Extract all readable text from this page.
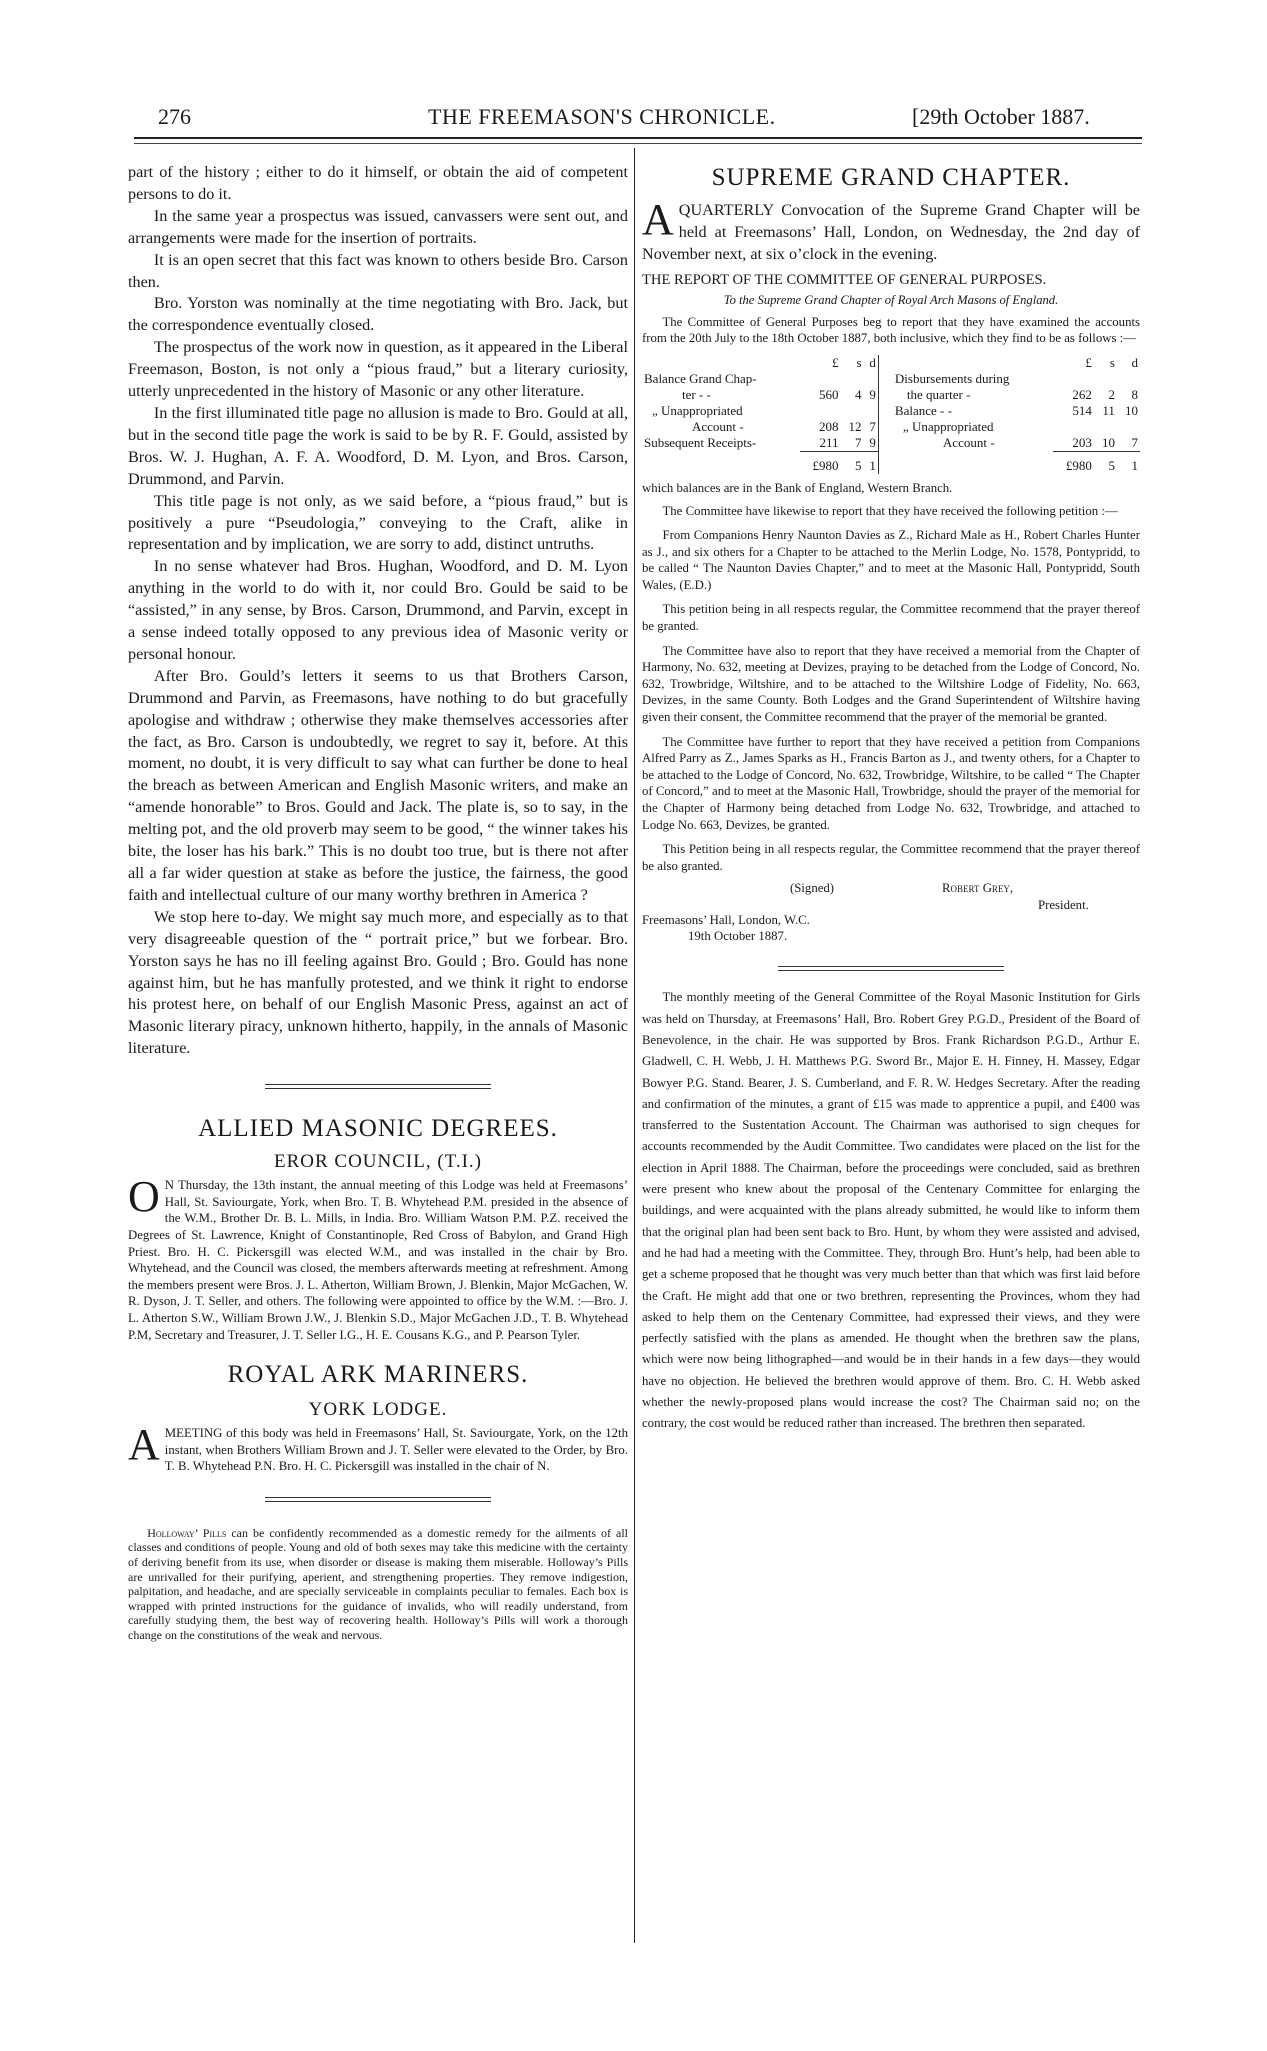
276	THE FREEMASON'S CHRONICLE.	[29th October 1887.

part of the history ; either to do it himself, or obtain the aid of competent persons to do it.

In the same year a prospectus was issued, canvassers were sent out, and arrangements were made for the insertion of portraits.

It is an open secret that this fact was known to others beside Bro. Carson then.

Bro. Yorston was nominally at the time negotiating with Bro. Jack, but the correspondence eventually closed.

The prospectus of the work now in question, as it appeared in the Liberal Freemason, Boston, is not only a “pious fraud,” but a literary curiosity, utterly unprecedented in the history of Masonic or any other literature.

In the first illuminated title page no allusion is made to Bro. Gould at all, but in the second title page the work is said to be by R. F. Gould, assisted by Bros. W. J. Hughan, A. F. A. Woodford, D. M. Lyon, and Bros. Carson, Drummond, and Parvin.

This title page is not only, as we said before, a “pious fraud,” but is positively a pure “Pseudologia,” conveying to the Craft, alike in representation and by implication, we are sorry to add, distinct untruths.

In no sense whatever had Bros. Hughan, Woodford, and D. M. Lyon anything in the world to do with it, nor could Bro. Gould be said to be “assisted,” in any sense, by Bros. Carson, Drummond, and Parvin, except in a sense indeed totally opposed to any previous idea of Masonic verity or personal honour.

After Bro. Gould’s letters it seems to us that Brothers Carson, Drummond and Parvin, as Freemasons, have nothing to do but gracefully apologise and withdraw ; otherwise they make themselves accessories after the fact, as Bro. Carson is undoubtedly, we regret to say it, before. At this moment, no doubt, it is very difficult to say what can further be done to heal the breach as between American and English Masonic writers, and make an “amende honorable” to Bros. Gould and Jack. The plate is, so to say, in the melting pot, and the old proverb may seem to be good, “ the winner takes his bite, the loser has his bark.” This is no doubt too true, but is there not after all a far wider question at stake as before the justice, the fairness, the good faith and intellectual culture of our many worthy brethren in America ?

We stop here to-day. We might say much more, and especially as to that very disagreeable question of the “ portrait price,” but we forbear. Bro. Yorston says he has no ill feeling against Bro. Gould ; Bro. Gould has none against him, but he has manfully protested, and we think it right to endorse his protest here, on behalf of our English Masonic Press, against an act of Masonic literary piracy, unknown hitherto, happily, in the annals of Masonic literature.

ALLIED MASONIC DEGREES.
EROR COUNCIL, (T.I.)

O N Thursday, the 13th instant, the annual meeting of this Lodge was held at Freemasons’ Hall, St. Saviourgate, York, when Bro. T. B. Whytehead P.M. presided in the absence of the W.M., Brother Dr. B. L. Mills, in India. Bro. William Watson P.M. P.Z. received the Degrees of St. Lawrence, Knight of Constantinople, Red Cross of Babylon, and Grand High Priest. Bro. H. C. Pickersgill was elected W.M., and was installed in the chair by Bro. Whytehead, and the Council was closed, the members afterwards meeting at refreshment. Among the members present were Bros. J. L. Atherton, William Brown, J. Blenkin, Major McGachen, W. R. Dyson, J. T. Seller, and others. The following were appointed to office by the W.M. :—Bro. J. L. Atherton S.W., William Brown J.W., J. Blenkin S.D., Major McGachen J.D., T. B. Whytehead P.M, Secretary and Treasurer, J. T. Seller I.G., H. E. Cousans K.G., and P. Pearson Tyler.

ROYAL ARK MARINERS.
YORK LODGE.

AMEETING of this body was held in Freemasons’ Hall, St. Saviourgate, York, on the 12th instant, when Brothers William Brown and J. T. Seller were elevated to the Order, by Bro. T. B. Whytehead P.N. Bro. H. C. Pickersgill was installed in the chair of N.

Holloway’ Pills can be confidently recommended as a domestic remedy for the ailments of all classes and conditions of people. Young and old of both sexes may take this medicine with the certainty of deriving benefit from its use, when disorder or disease is making them miserable. Holloway’s Pills are unrivalled for their purifying, aperient, and strengthening properties. They remove indigestion, palpitation, and headache, and are specially serviceable in complaints peculiar to females. Each box is wrapped with printed instructions for the guidance of invalids, who will readily understand, from carefully studying them, the best way of recovering health. Holloway’s Pills will work a thorough change on the constitutions of the weak and nervous.

SUPREME GRAND CHAPTER.

AQUARTERLY Convocation of the Supreme Grand Chapter will be held at Freemasons’ Hall, London, on Wednesday, the 2nd day of November next, at six o’clock in the evening.

THE REPORT OF THE COMMITTEE OF GENERAL PURPOSES.
To the Supreme Grand Chapter of Royal Arch Masons of England.

The Committee of General Purposes beg to report that they have examined the accounts from the 20th July to the 18th October 1887, both inclusive, which they find to be as follows :—

	£	s	d			£	s	d
Balance Grand Chap-					Disbursements during			
ter - -	560	4	9		the quarter -	262	2	8
„ Unappropriated					Balance - -	514	11	10
Account -	208	12	7		„ Unappropriated			
Subsequent Receipts-	211	7	9		Account -	203	10	7
	£980	5	1			£980	5	1

which balances are in the Bank of England, Western Branch.

The Committee have likewise to report that they have received the following petition :—

From Companions Henry Naunton Davies as Z., Richard Male as H., Robert Charles Hunter as J., and six others for a Chapter to be attached to the Merlin Lodge, No. 1578, Pontypridd, to be called “ The Naunton Davies Chapter,” and to meet at the Masonic Hall, Pontypridd, South Wales, (E.D.)

This petition being in all respects regular, the Committee recommend that the prayer thereof be granted.

The Committee have also to report that they have received a memorial from the Chapter of Harmony, No. 632, meeting at Devizes, praying to be detached from the Lodge of Concord, No. 632, Trowbridge, Wiltshire, and to be attached to the Wiltshire Lodge of Fidelity, No. 663, Devizes, in the same County. Both Lodges and the Grand Superintendent of Wiltshire having given their consent, the Committee recommend that the prayer of the memorial be granted.

The Committee have further to report that they have received a petition from Companions Alfred Parry as Z., James Sparks as H., Francis Barton as J., and twenty others, for a Chapter to be attached to the Lodge of Concord, No. 632, Trowbridge, Wiltshire, to be called “ The Chapter of Concord,” and to meet at the Masonic Hall, Trowbridge, should the prayer of the memorial for the Chapter of Harmony being detached from Lodge No. 632, Trowbridge, and attached to Lodge No. 663, Devizes, be granted.

This Petition being in all respects regular, the Committee recommend that the prayer thereof be also granted.

(Signed)	Robert Grey,
President.
Freemasons’ Hall, London, W.C.
19th October 1887.

The monthly meeting of the General Committee of the Royal Masonic Institution for Girls was held on Thursday, at Freemasons’ Hall, Bro. Robert Grey P.G.D., President of the Board of Benevolence, in the chair. He was supported by Bros. Frank Richardson P.G.D., Arthur E. Gladwell, C. H. Webb, J. H. Matthews P.G. Sword Br., Major E. H. Finney, H. Massey, Edgar Bowyer P.G. Stand. Bearer, J. S. Cumberland, and F. R. W. Hedges Secretary. After the reading and confirmation of the minutes, a grant of £15 was made to apprentice a pupil, and £400 was transferred to the Sustentation Account. The Chairman was authorised to sign cheques for accounts recommended by the Audit Committee. Two candidates were placed on the list for the election in April 1888. The Chairman, before the proceedings were concluded, said as brethren were present who knew about the proposal of the Centenary Committee for enlarging the buildings, and were acquainted with the plans already submitted, he would like to inform them that the original plan had been sent back to Bro. Hunt, by whom they were assisted and advised, and he had had a meeting with the Committee. They, through Bro. Hunt’s help, had been able to get a scheme proposed that he thought was very much better than that which was first laid before the Craft. He might add that one or two brethren, representing the Provinces, whom they had asked to help them on the Centenary Committee, had expressed their views, and they were perfectly satisfied with the plans as amended. He thought when the brethren saw the plans, which were now being lithographed—and would be in their hands in a few days—they would have no objection. He believed the brethren would approve of them. Bro. C. H. Webb asked whether the newly-proposed plans would increase the cost? The Chairman said no; on the contrary, the cost would be reduced rather than increased. The brethren then separated.
